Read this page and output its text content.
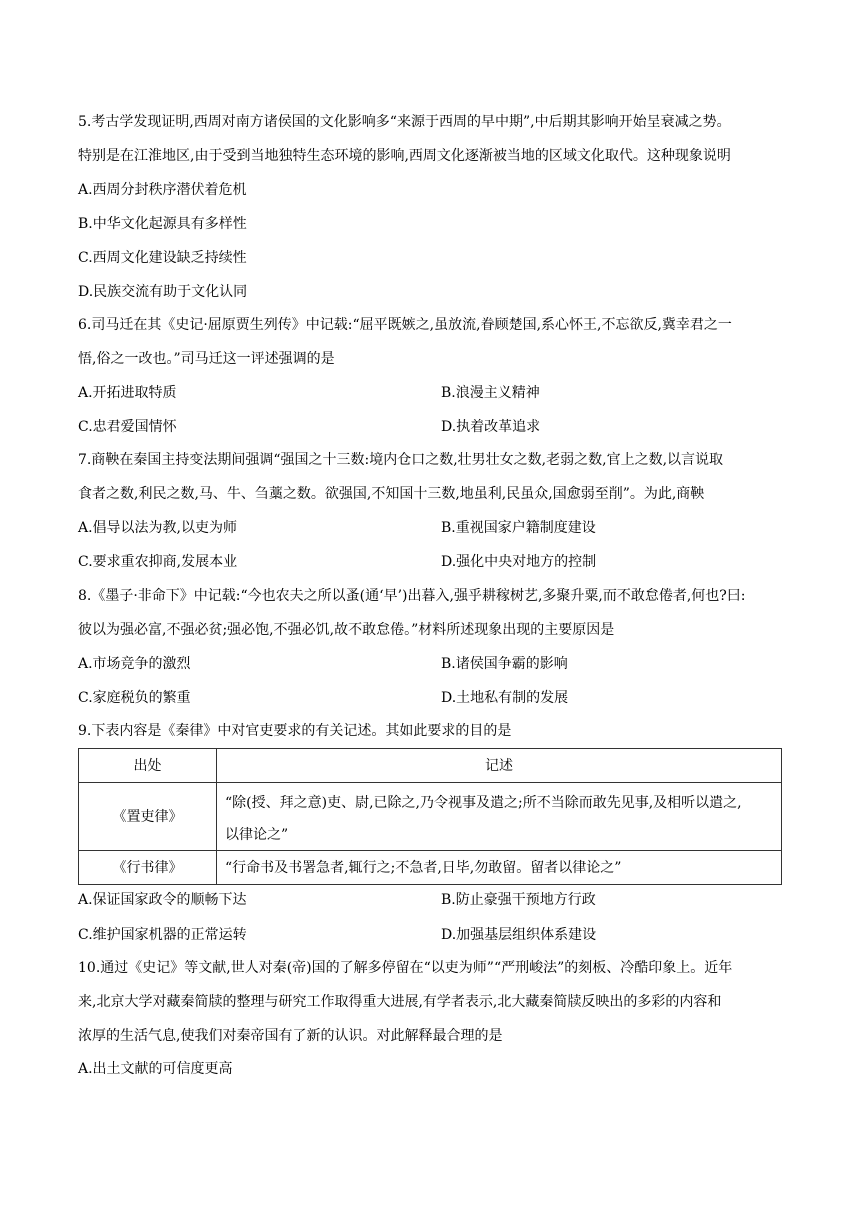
5.考古学发现证明,西周对南方诸侯国的文化影响多“来源于西周的早中期”,中后期其影响开始呈衰减之势。
特别是在江淮地区,由于受到当地独特生态环境的影响,西周文化逐渐被当地的区域文化取代。这种现象说明
A.西周分封秩序潜伏着危机
B.中华文化起源具有多样性
C.西周文化建设缺乏持续性
D.民族交流有助于文化认同
6.司马迁在其《史记·屈原贾生列传》中记载:“屈平既嫉之,虽放流,眷顾楚国,系心怀王,不忘欲反,冀幸君之一
悟,俗之一改也。”司马迁这一评述强调的是
A.开拓进取特质	B.浪漫主义精神
C.忠君爱国情怀	D.执着改革追求
7.商鞅在秦国主持变法期间强调“强国之十三数:境内仓口之数,壮男壮女之数,老弱之数,官上之数,以言说取
食者之数,利民之数,马、牛、刍藁之数。欲强国,不知国十三数,地虽利,民虽众,国愈弱至削”。为此,商鞅
A.倡导以法为教,以吏为师	B.重视国家户籍制度建设
C.要求重农抑商,发展本业	D.强化中央对地方的控制
8.《墨子·非命下》中记载:“今也农夫之所以蚤(通‘早’)出暮入,强乎耕稼树艺,多聚升粟,而不敢怠倦者,何也?曰:
彼以为强必富,不强必贫;强必饱,不强必饥,故不敢怠倦。”材料所述现象出现的主要原因是
A.市场竞争的激烈	B.诸侯国争霸的影响
C.家庭税负的繁重	D.土地私有制的发展
9.下表内容是《秦律》中对官吏要求的有关记述。其如此要求的目的是
出处	记述
《置吏律》	“除(授、拜之意)吏、尉,已除之,乃令视事及遣之;所不当除而敢先见事,及相听以遣之,
以律论之”

《行书律》	“行命书及书署急者,辄行之;不急者,日毕,勿敢留。留者以律论之”
A.保证国家政令的顺畅下达	B.防止豪强干预地方行政
C.维护国家机器的正常运转	D.加强基层组织体系建设
10.通过《史记》等文献,世人对秦(帝)国的了解多停留在“以吏为师”“严刑峻法”的刻板、冷酷印象上。近年
来,北京大学对藏秦简牍的整理与研究工作取得重大进展,有学者表示,北大藏秦简牍反映出的多彩的内容和
浓厚的生活气息,使我们对秦帝国有了新的认识。对此解释最合理的是
A.出土文献的可信度更高
